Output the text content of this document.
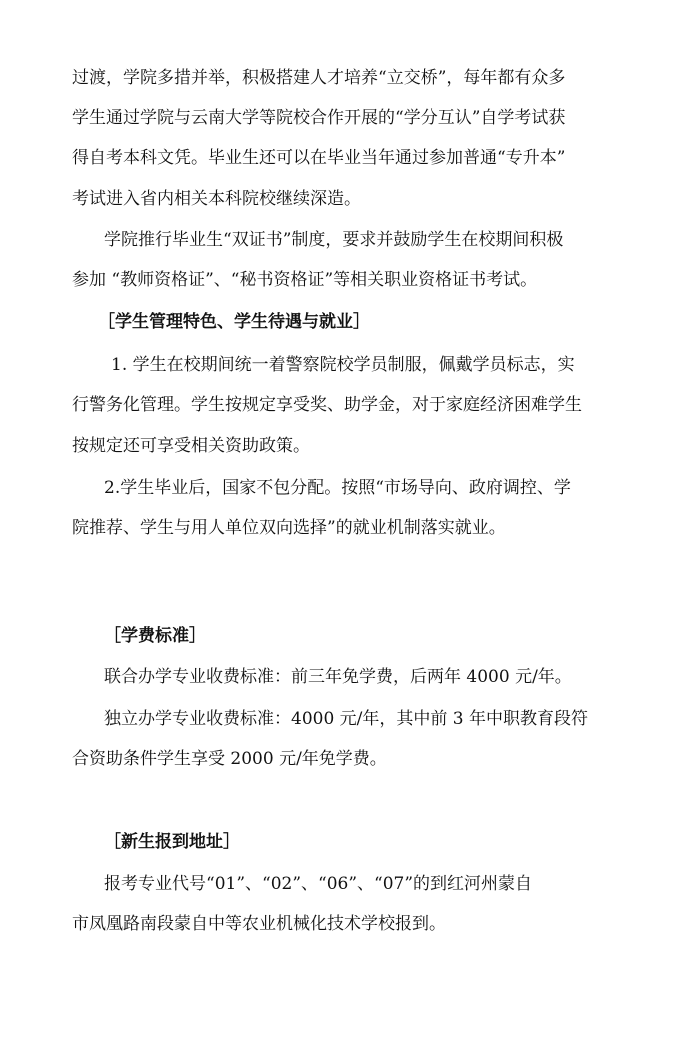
过渡，学院多措并举，积极搭建人才培养“立交桥”，每年都有众多
学生通过学院与云南大学等院校合作开展的“学分互认”自学考试获
得自考本科文凭。毕业生还可以在毕业当年通过参加普通“专升本”
考试进入省内相关本科院校继续深造。
学院推行毕业生“双证书”制度，要求并鼓励学生在校期间积极
参加 “教师资格证”、“秘书资格证”等相关职业资格证书考试。
［学生管理特色、学生待遇与就业］
1. 学生在校期间统一着警察院校学员制服，佩戴学员标志，实
行警务化管理。学生按规定享受奖、助学金，对于家庭经济困难学生
按规定还可享受相关资助政策。
2.学生毕业后，国家不包分配。按照“市场导向、政府调控、学
院推荐、学生与用人单位双向选择”的就业机制落实就业。
［学费标准］
联合办学专业收费标准：前三年免学费，后两年 4000 元/年。
独立办学专业收费标准：4000 元/年，其中前 3 年中职教育段符
合资助条件学生享受 2000 元/年免学费。
［新生报到地址］
报考专业代号“01”、“02”、“06”、“07”的到红河州蒙自
市凤凰路南段蒙自中等农业机械化技术学校报到。
